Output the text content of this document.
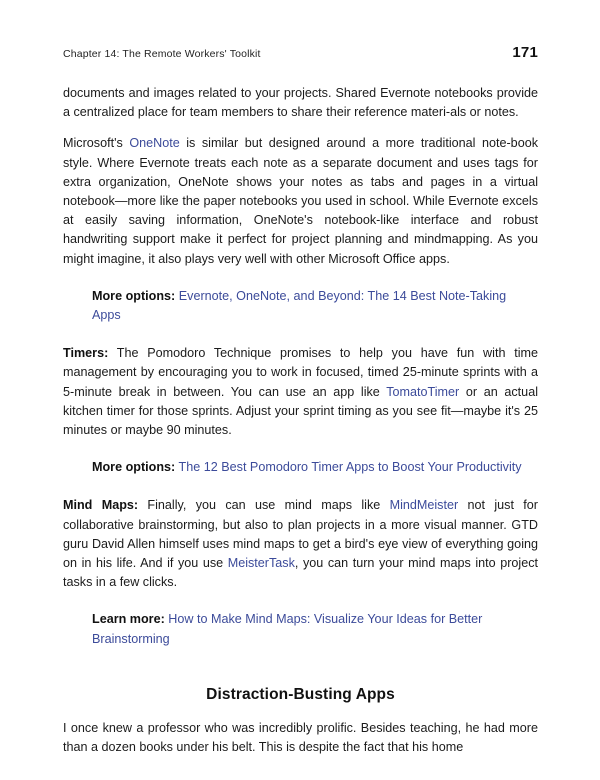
Chapter 14: The Remote Workers' Toolkit	171

documents and images related to your projects. Shared Evernote notebooks provide a centralized place for team members to share their reference materi-als or notes.

Microsoft's OneNote is similar but designed around a more traditional note-book style. Where Evernote treats each note as a separate document and uses tags for extra organization, OneNote shows your notes as tabs and pages in a virtual notebook—more like the paper notebooks you used in school. While Evernote excels at easily saving information, OneNote's notebook-like interface and robust handwriting support make it perfect for project planning and mindmapping. As you might imagine, it also plays very well with other Microsoft Office apps.

More options: Evernote, OneNote, and Beyond: The 14 Best Note-Taking Apps

Timers: The Pomodoro Technique promises to help you have fun with time management by encouraging you to work in focused, timed 25-minute sprints with a 5-minute break in between. You can use an app like TomatoTimer or an actual kitchen timer for those sprints. Adjust your sprint timing as you see fit—maybe it's 25 minutes or maybe 90 minutes.

More options: The 12 Best Pomodoro Timer Apps to Boost Your Productivity

Mind Maps: Finally, you can use mind maps like MindMeister not just for collaborative brainstorming, but also to plan projects in a more visual manner. GTD guru David Allen himself uses mind maps to get a bird's eye view of everything going on in his life. And if you use MeisterTask, you can turn your mind maps into project tasks in a few clicks.

Learn more: How to Make Mind Maps: Visualize Your Ideas for Better Brainstorming

Distraction-Busting Apps

I once knew a professor who was incredibly prolific. Besides teaching, he had more than a dozen books under his belt. This is despite the fact that his home
